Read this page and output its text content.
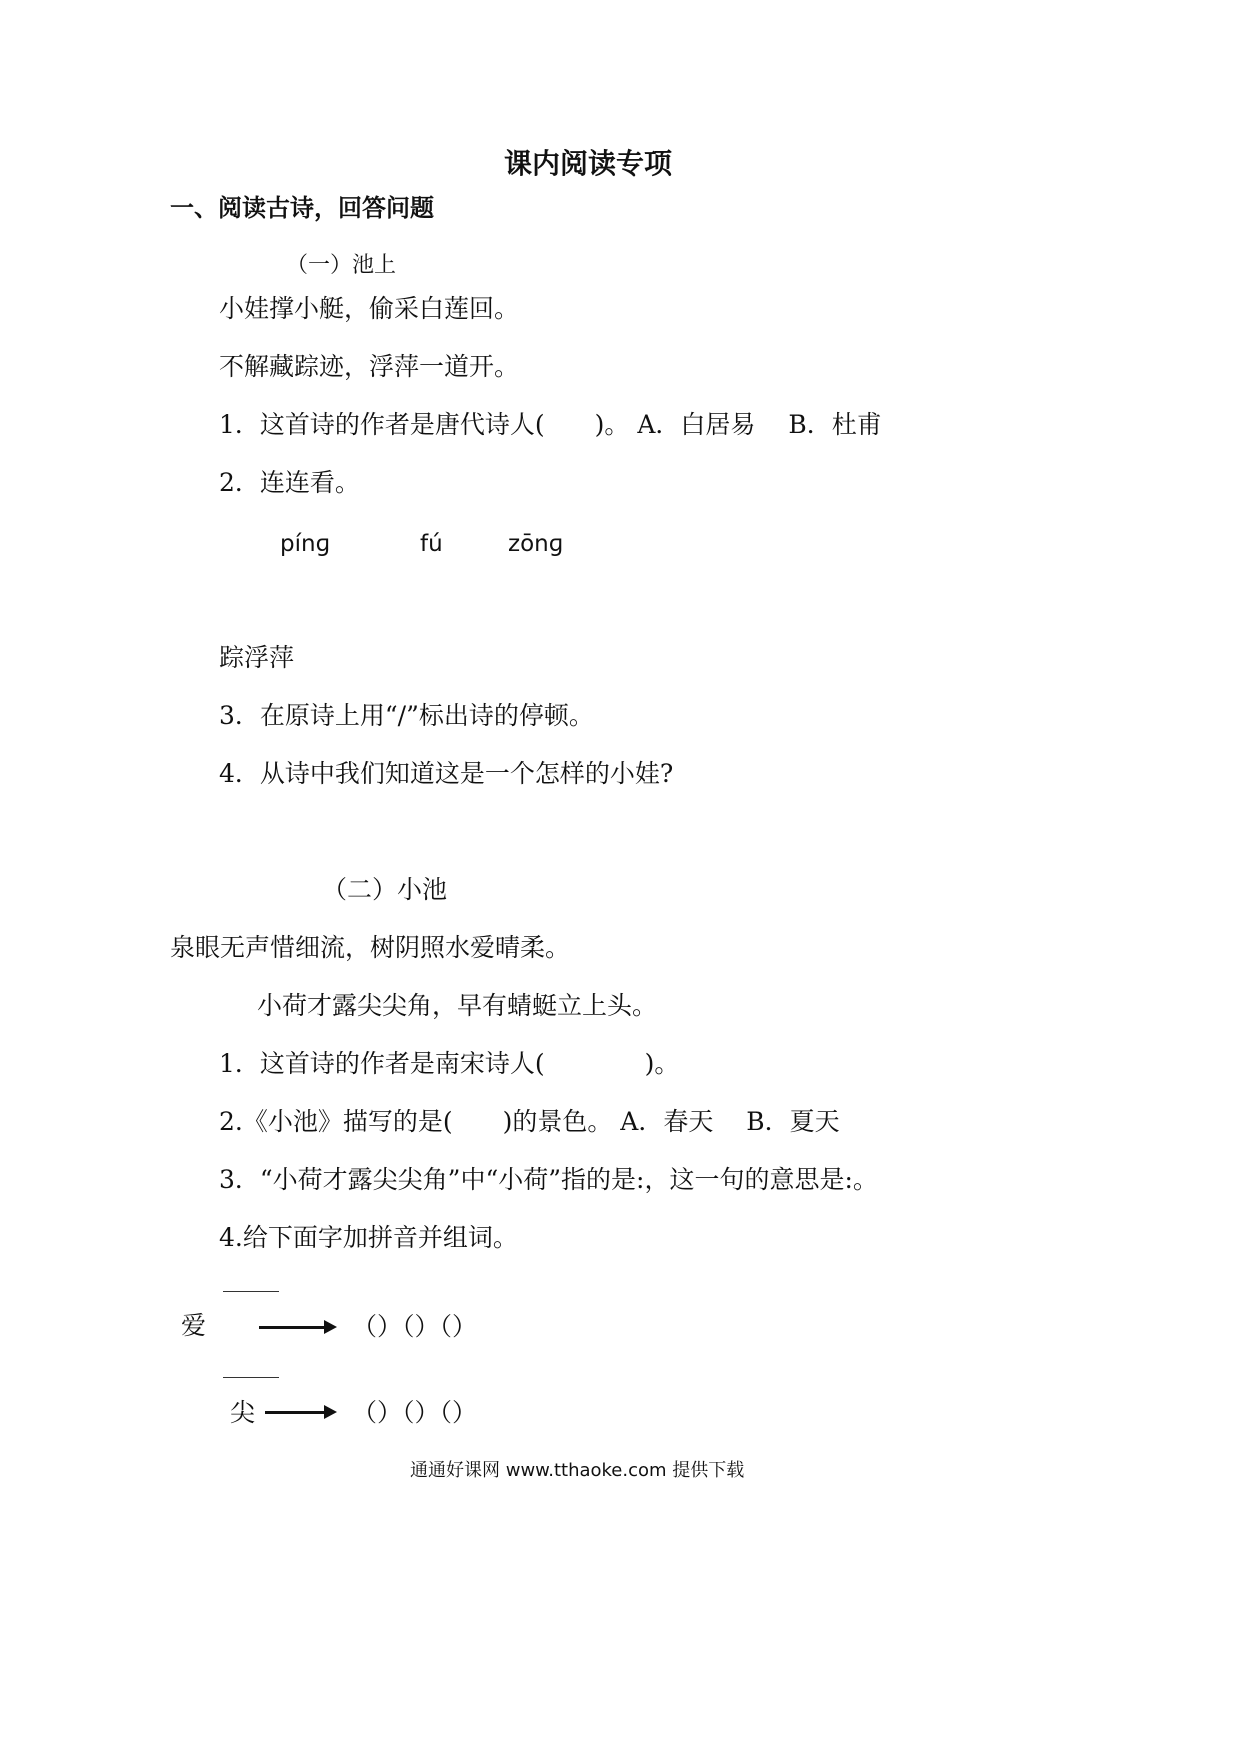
课内阅读专项
一、阅读古诗，回答问题
（一）池上
小娃撑小艇，偷采白莲回。
不解藏踪迹，浮萍一道开。
1．这首诗的作者是唐代诗人(　　)。 A．白居易　 B．杜甫
2．连连看。
pínɡ	fú	zōnɡ
踪浮萍
3．在原诗上用“/”标出诗的停顿。
4．从诗中我们知道这是一个怎样的小娃?
（二）小池
泉眼无声惜细流，树阴照水爱晴柔。
小荷才露尖尖角，早有蜻蜓立上头。
1．这首诗的作者是南宋诗人(　　　　)。
2.《小池》描写的是(　　)的景色。 A．春天　 B．夏天
3．“小荷才露尖尖角”中“小荷”指的是:，这一句的意思是:。
4.给下面字加拼音并组词。
爱	（）（）（）
尖	（）（）（）
通通好课网 www.tthaoke.com 提供下载
